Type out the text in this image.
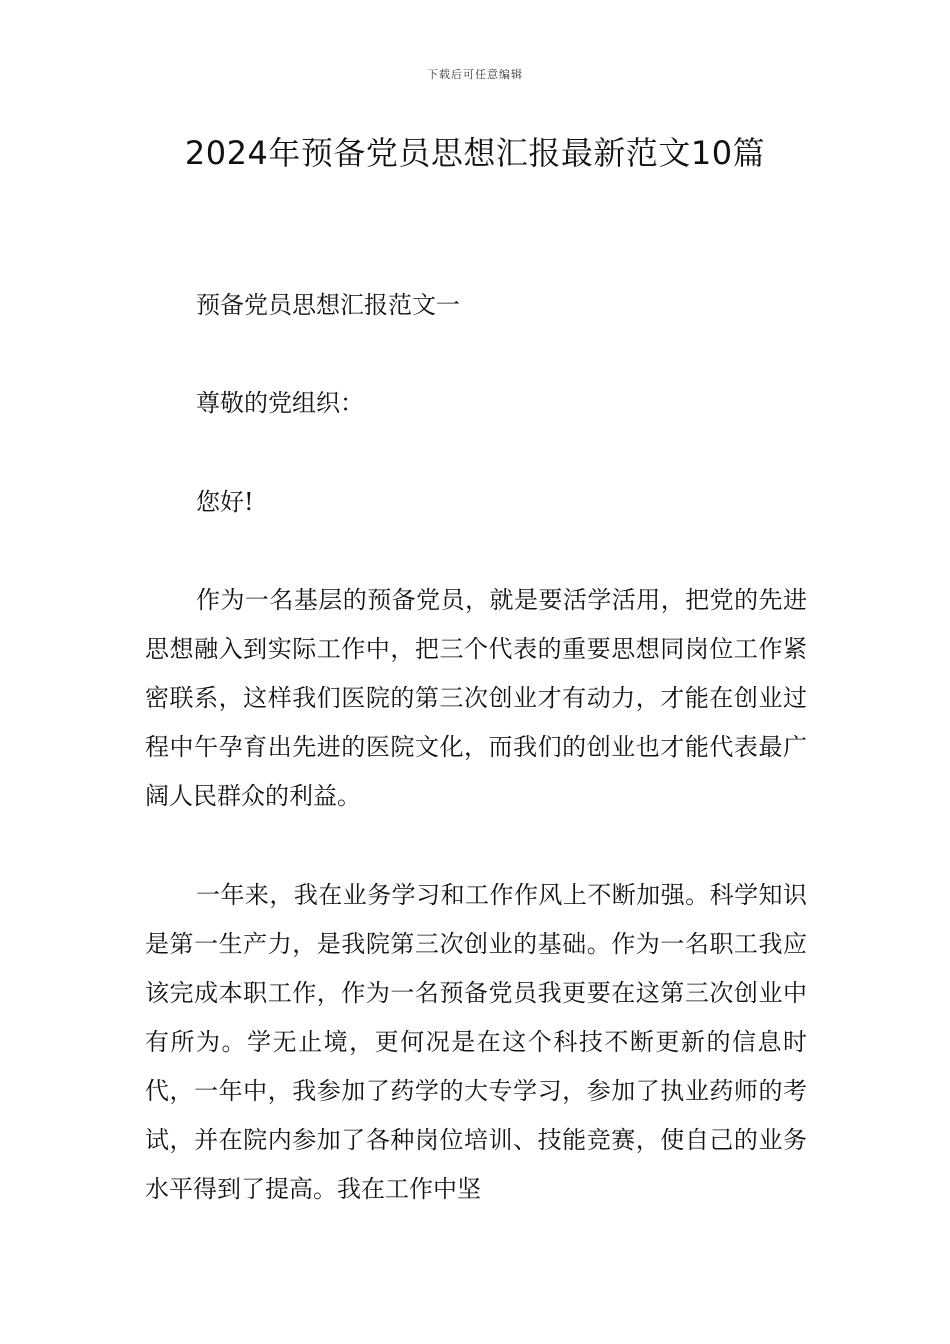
下载后可任意编辑
2024年预备党员思想汇报最新范文10篇

预备党员思想汇报范文一

尊敬的党组织：

您好!

作为一名基层的预备党员，就是要活学活用，把党的先进思想融入到实际工作中，把三个代表的重要思想同岗位工作紧密联系，这样我们医院的第三次创业才有动力，才能在创业过程中午孕育出先进的医院文化，而我们的创业也才能代表最广阔人民群众的利益。

一年来，我在业务学习和工作作风上不断加强。科学知识是第一生产力，是我院第三次创业的基础。作为一名职工我应该完成本职工作，作为一名预备党员我更要在这第三次创业中有所为。学无止境，更何况是在这个科技不断更新的信息时代，一年中，我参加了药学的大专学习，参加了执业药师的考试，并在院内参加了各种岗位培训、技能竞赛，使自己的业务水平得到了提高。我在工作中坚
